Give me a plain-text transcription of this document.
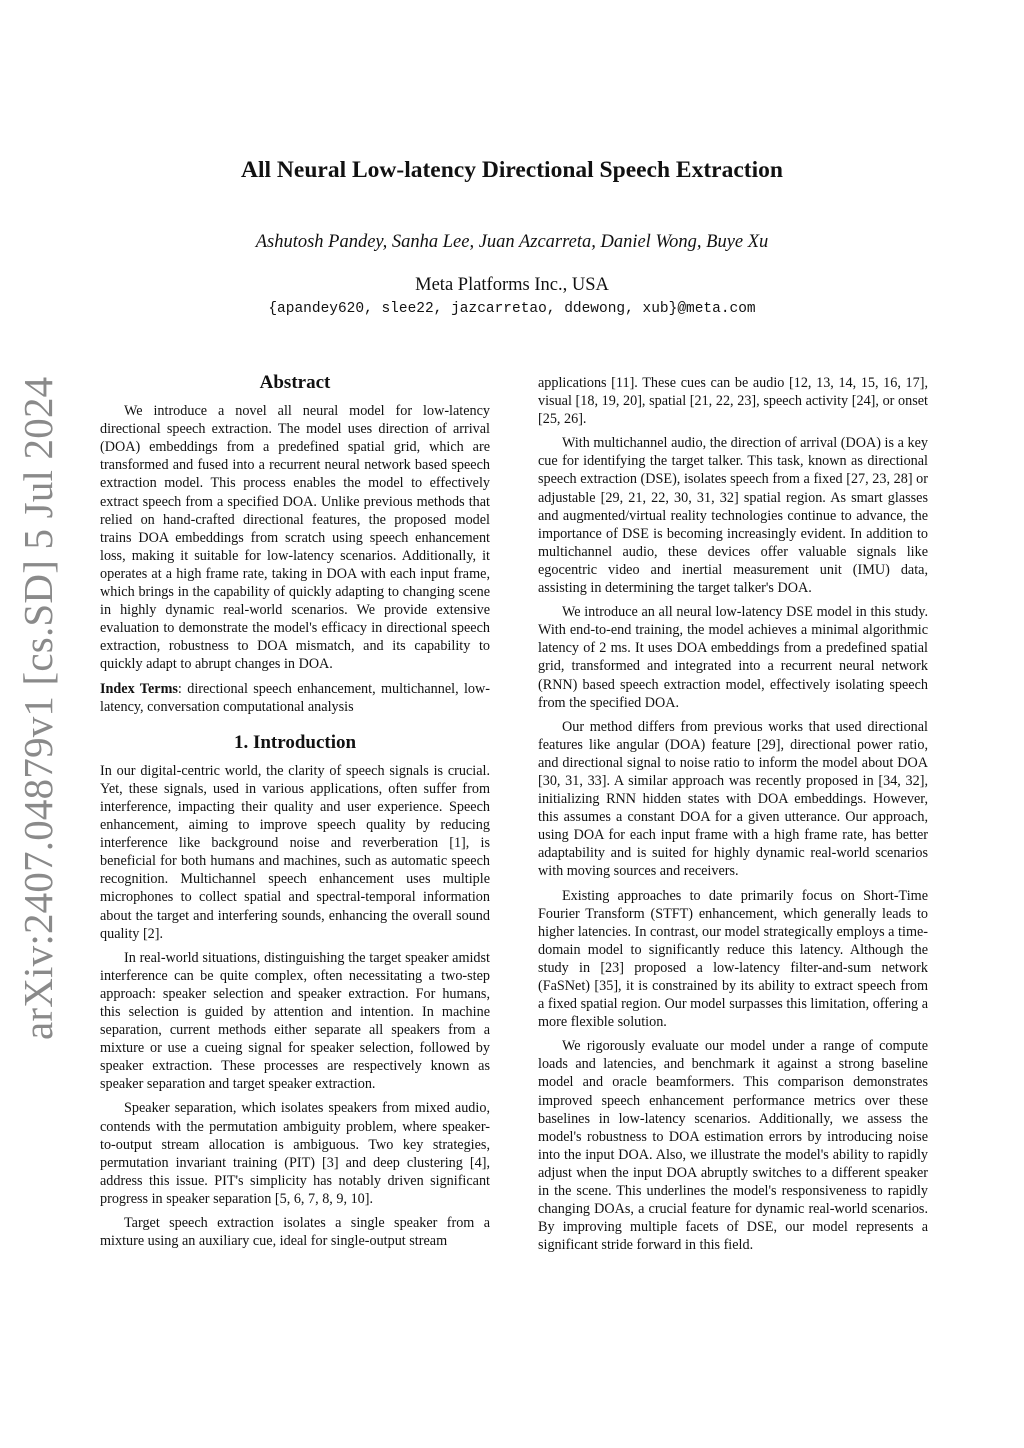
arXiv:2407.04879v1 [cs.SD] 5 Jul 2024
All Neural Low-latency Directional Speech Extraction
Ashutosh Pandey, Sanha Lee, Juan Azcarreta, Daniel Wong, Buye Xu
Meta Platforms Inc., USA
{apandey620, slee22, jazcarretao, ddewong, xub}@meta.com
Abstract

We introduce a novel all neural model for low-latency directional speech extraction. The model uses direction of arrival (DOA) embeddings from a predefined spatial grid, which are transformed and fused into a recurrent neural network based speech extraction model. This process enables the model to effectively extract speech from a specified DOA. Unlike previous methods that relied on hand-crafted directional features, the proposed model trains DOA embeddings from scratch using speech enhancement loss, making it suitable for low-latency scenarios. Additionally, it operates at a high frame rate, taking in DOA with each input frame, which brings in the capability of quickly adapting to changing scene in highly dynamic real-world scenarios. We provide extensive evaluation to demonstrate the model's efficacy in directional speech extraction, robustness to DOA mismatch, and its capability to quickly adapt to abrupt changes in DOA.

Index Terms: directional speech enhancement, multichannel, low-latency, conversation computational analysis

1. Introduction

In our digital-centric world, the clarity of speech signals is crucial. Yet, these signals, used in various applications, often suffer from interference, impacting their quality and user experience. Speech enhancement, aiming to improve speech quality by reducing interference like background noise and reverberation [1], is beneficial for both humans and machines, such as automatic speech recognition. Multichannel speech enhancement uses multiple microphones to collect spatial and spectral-temporal information about the target and interfering sounds, enhancing the overall sound quality [2].

In real-world situations, distinguishing the target speaker amidst interference can be quite complex, often necessitating a two-step approach: speaker selection and speaker extraction. For humans, this selection is guided by attention and intention. In machine separation, current methods either separate all speakers from a mixture or use a cueing signal for speaker selection, followed by speaker extraction. These processes are respectively known as speaker separation and target speaker extraction.

Speaker separation, which isolates speakers from mixed audio, contends with the permutation ambiguity problem, where speaker-to-output stream allocation is ambiguous. Two key strategies, permutation invariant training (PIT) [3] and deep clustering [4], address this issue. PIT's simplicity has notably driven significant progress in speaker separation [5, 6, 7, 8, 9, 10].

Target speech extraction isolates a single speaker from a mixture using an auxiliary cue, ideal for single-output stream

applications [11]. These cues can be audio [12, 13, 14, 15, 16, 17], visual [18, 19, 20], spatial [21, 22, 23], speech activity [24], or onset [25, 26].

With multichannel audio, the direction of arrival (DOA) is a key cue for identifying the target talker. This task, known as directional speech extraction (DSE), isolates speech from a fixed [27, 23, 28] or adjustable [29, 21, 22, 30, 31, 32] spatial region. As smart glasses and augmented/virtual reality technologies continue to advance, the importance of DSE is becoming increasingly evident. In addition to multichannel audio, these devices offer valuable signals like egocentric video and inertial measurement unit (IMU) data, assisting in determining the target talker's DOA.

We introduce an all neural low-latency DSE model in this study. With end-to-end training, the model achieves a minimal algorithmic latency of 2 ms. It uses DOA embeddings from a predefined spatial grid, transformed and integrated into a recurrent neural network (RNN) based speech extraction model, effectively isolating speech from the specified DOA.

Our method differs from previous works that used directional features like angular (DOA) feature [29], directional power ratio, and directional signal to noise ratio to inform the model about DOA [30, 31, 33]. A similar approach was recently proposed in [34, 32], initializing RNN hidden states with DOA embeddings. However, this assumes a constant DOA for a given utterance. Our approach, using DOA for each input frame with a high frame rate, has better adaptability and is suited for highly dynamic real-world scenarios with moving sources and receivers.

Existing approaches to date primarily focus on Short-Time Fourier Transform (STFT) enhancement, which generally leads to higher latencies. In contrast, our model strategically employs a time-domain model to significantly reduce this latency. Although the study in [23] proposed a low-latency filter-and-sum network (FaSNet) [35], it is constrained by its ability to extract speech from a fixed spatial region. Our model surpasses this limitation, offering a more flexible solution.

We rigorously evaluate our model under a range of compute loads and latencies, and benchmark it against a strong baseline model and oracle beamformers. This comparison demonstrates improved speech enhancement performance metrics over these baselines in low-latency scenarios. Additionally, we assess the model's robustness to DOA estimation errors by introducing noise into the input DOA. Also, we illustrate the model's ability to rapidly adjust when the input DOA abruptly switches to a different speaker in the scene. This underlines the model's responsiveness to rapidly changing DOAs, a crucial feature for dynamic real-world scenarios. By improving multiple facets of DSE, our model represents a significant stride forward in this field.
